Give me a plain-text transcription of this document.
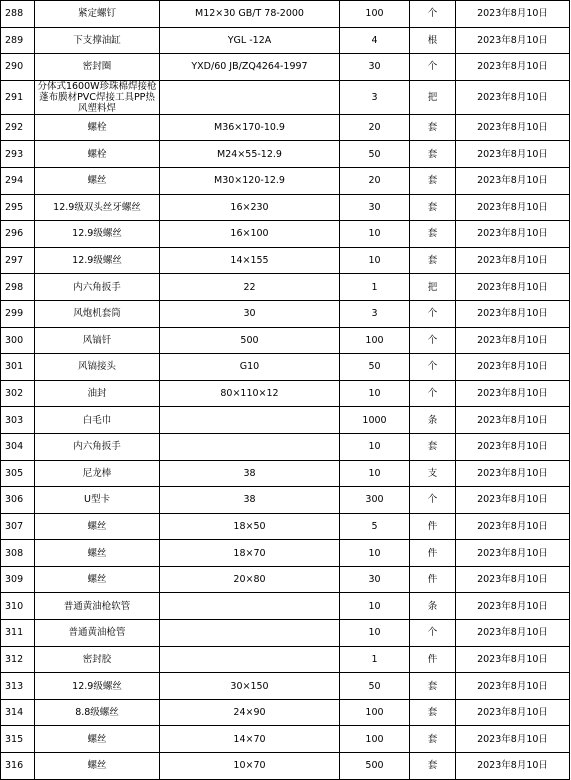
288	紧定螺钉	M12×30 GB/T 78-2000	100	个	2023年8月10日
289	下支撑油缸	YGL -12A	4	根	2023年8月10日
290	密封圈	YXD/60 JB/ZQ4264-1997	30	个	2023年8月10日
291	分体式1600W珍珠棉焊接枪蓬布膜材PVC焊接工具PP热风塑料焊		3	把	2023年8月10日
292	螺栓	M36×170-10.9	20	套	2023年8月10日
293	螺栓	M24×55-12.9	50	套	2023年8月10日
294	螺丝	M30×120-12.9	20	套	2023年8月10日
295	12.9级双头丝牙螺丝	16×230	30	套	2023年8月10日
296	12.9级螺丝	16×100	10	套	2023年8月10日
297	12.9级螺丝	14×155	10	套	2023年8月10日
298	内六角扳手	22	1	把	2023年8月10日
299	风炮机套筒	30	3	个	2023年8月10日
300	风镐钎	500	100	个	2023年8月10日
301	风镐接头	G10	50	个	2023年8月10日
302	油封	80×110×12	10	个	2023年8月10日
303	白毛巾		1000	条	2023年8月10日
304	内六角扳手		10	套	2023年8月10日
305	尼龙棒	38	10	支	2023年8月10日
306	U型卡	38	300	个	2023年8月10日
307	螺丝	18×50	5	件	2023年8月10日
308	螺丝	18×70	10	件	2023年8月10日
309	螺丝	20×80	30	件	2023年8月10日
310	普通黄油枪软管		10	条	2023年8月10日
311	普通黄油枪管		10	个	2023年8月10日
312	密封胶		1	件	2023年8月10日
313	12.9级螺丝	30×150	50	套	2023年8月10日
314	8.8级螺丝	24×90	100	套	2023年8月10日
315	螺丝	14×70	100	套	2023年8月10日
316	螺丝	10×70	500	套	2023年8月10日
